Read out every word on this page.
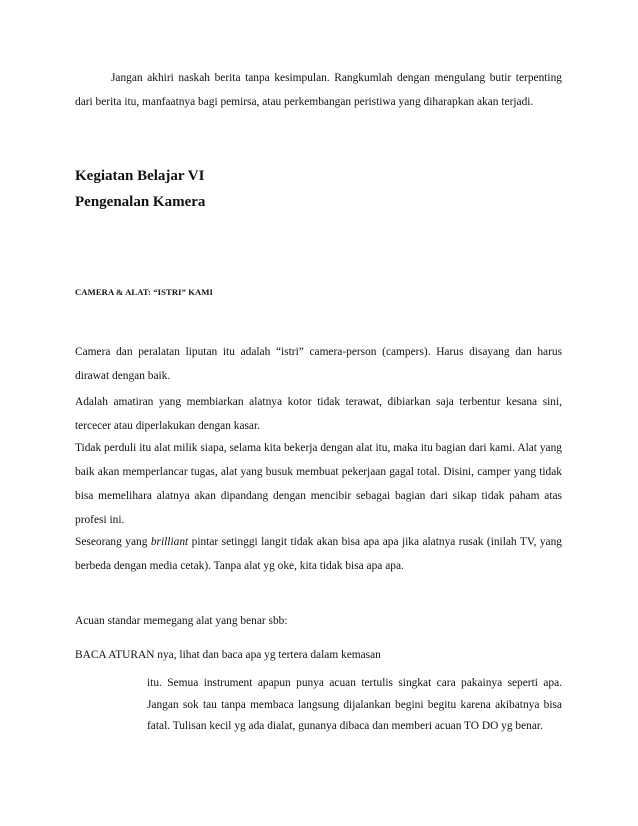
Jangan akhiri naskah berita tanpa kesimpulan. Rangkumlah dengan mengulang butir terpenting dari berita itu, manfaatnya bagi pemirsa, atau perkembangan peristiwa yang diharapkan akan terjadi.

Kegiatan Belajar VI
Pengenalan Kamera
CAMERA & ALAT: “ISTRI” KAMI

Camera dan peralatan liputan itu adalah “istri” camera-person (campers). Harus disayang dan harus dirawat dengan baik.

Adalah amatiran yang membiarkan alatnya kotor tidak terawat, dibiarkan saja terbentur kesana sini, tercecer atau diperlakukan dengan kasar.

Tidak perduli itu alat milik siapa, selama kita bekerja dengan alat itu, maka itu bagian dari kami. Alat yang baik akan memperlancar tugas, alat yang busuk membuat pekerjaan gagal total. Disini, camper yang tidak bisa memelihara alatnya akan dipandang dengan mencibir sebagai bagian dari sikap tidak paham atas profesi ini.

Seseorang yang brilliant pintar setinggi langit tidak akan bisa apa apa jika alatnya rusak (inilah TV, yang berbeda dengan media cetak). Tanpa alat yg oke, kita tidak bisa apa apa.

Acuan standar memegang alat yang benar sbb:

BACA ATURAN nya, lihat dan baca apa yg tertera dalam kemasan

itu. Semua instrument apapun punya acuan tertulis singkat cara pakainya seperti apa. Jangan sok tau tanpa membaca langsung dijalankan begini begitu karena akibatnya bisa fatal. Tulisan kecil yg ada dialat, gunanya dibaca dan memberi acuan TO DO yg benar.
